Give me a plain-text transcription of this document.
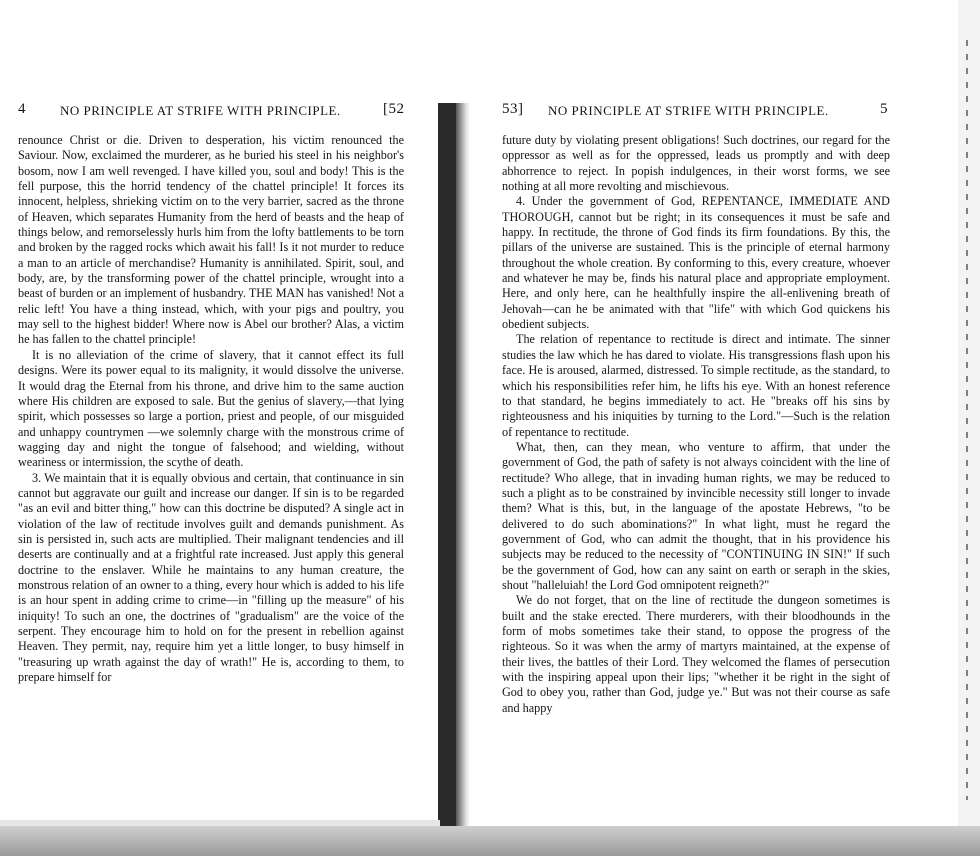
4	NO PRINCIPLE AT STRIFE WITH PRINCIPLE.	[52	53] NO PRINCIPLE AT STRIFE WITH PRINCIPLE.	5

renounce Christ or die. Driven to desperation, his victim renounced the Saviour. Now, exclaimed the murderer, as he buried his steel in his neighbor's bosom, now I am well revenged. I have killed you, soul and body! This is the fell purpose, this the horrid tendency of the chattel principle! It forces its innocent, helpless, shrieking victim on to the very barrier, sacred as the throne of Heaven, which separates Humanity from the herd of beasts and the heap of things below, and remorselessly hurls him from the lofty battlements to be torn and broken by the ragged rocks which await his fall! Is it not murder to reduce a man to an article of merchandise? Humanity is annihilated. Spirit, soul, and body, are, by the transforming power of the chattel principle, wrought into a beast of burden or an implement of husbandry. THE MAN has vanished! Not a relic left! You have a thing instead, which, with your pigs and poultry, you may sell to the highest bidder! Where now is Abel our brother? Alas, a victim he has fallen to the chattel principle!

It is no alleviation of the crime of slavery, that it cannot effect its full designs. Were its power equal to its malignity, it would dissolve the universe. It would drag the Eternal from his throne, and drive him to the same auction where His children are exposed to sale. But the genius of slavery,—that lying spirit, which possesses so large a portion, priest and people, of our misguided and unhappy countrymen —we solemnly charge with the monstrous crime of wagging day and night the tongue of falsehood; and wielding, without weariness or intermission, the scythe of death.

3. We maintain that it is equally obvious and certain, that continuance in sin cannot but aggravate our guilt and increase our danger. If sin is to be regarded "as an evil and bitter thing," how can this doctrine be disputed? A single act in violation of the law of rectitude involves guilt and demands punishment. As sin is persisted in, such acts are multiplied. Their malignant tendencies and ill deserts are continually and at a frightful rate increased. Just apply this general doctrine to the enslaver. While he maintains to any human creature, the monstrous relation of an owner to a thing, every hour which is added to his life is an hour spent in adding crime to crime—in "filling up the measure" of his iniquity! To such an one, the doctrines of "gradualism" are the voice of the serpent. They encourage him to hold on for the present in rebellion against Heaven. They permit, nay, require him yet a little longer, to busy himself in "treasuring up wrath against the day of wrath!" He is, according to them, to prepare himself for

future duty by violating present obligations! Such doctrines, our regard for the oppressor as well as for the oppressed, leads us promptly and with deep abhorrence to reject. In popish indulgences, in their worst forms, we see nothing at all more revolting and mischievous.

4. Under the government of God, REPENTANCE, IMMEDIATE AND THOROUGH, cannot but be right; in its consequences it must be safe and happy. In rectitude, the throne of God finds its firm foundations. By this, the pillars of the universe are sustained. This is the principle of eternal harmony throughout the whole creation. By conforming to this, every creature, whoever and whatever he may be, finds his natural place and appropriate employment. Here, and only here, can he healthfully inspire the all-enlivening breath of Jehovah—can he be animated with that "life" with which God quickens his obedient subjects.

The relation of repentance to rectitude is direct and intimate. The sinner studies the law which he has dared to violate. His transgressions flash upon his face. He is aroused, alarmed, distressed. To simple rectitude, as the standard, to which his responsibilities refer him, he lifts his eye. With an honest reference to that standard, he begins immediately to act. He "breaks off his sins by righteousness and his iniquities by turning to the Lord."—Such is the relation of repentance to rectitude.

What, then, can they mean, who venture to affirm, that under the government of God, the path of safety is not always coincident with the line of rectitude? Who allege, that in invading human rights, we may be reduced to such a plight as to be constrained by invincible necessity still longer to invade them? What is this, but, in the language of the apostate Hebrews, "to be delivered to do such abominations?" In what light, must he regard the government of God, who can admit the thought, that in his providence his subjects may be reduced to the necessity of "CONTINUING IN SIN!" If such be the government of God, how can any saint on earth or seraph in the skies, shout "halleluiah! the Lord God omnipotent reigneth?"

We do not forget, that on the line of rectitude the dungeon sometimes is built and the stake erected. There murderers, with their bloodhounds in the form of mobs sometimes take their stand, to oppose the progress of the righteous. So it was when the army of martyrs maintained, at the expense of their lives, the battles of their Lord. They welcomed the flames of persecution with the inspiring appeal upon their lips; "whether it be right in the sight of God to obey you, rather than God, judge ye." But was not their course as safe and happy
